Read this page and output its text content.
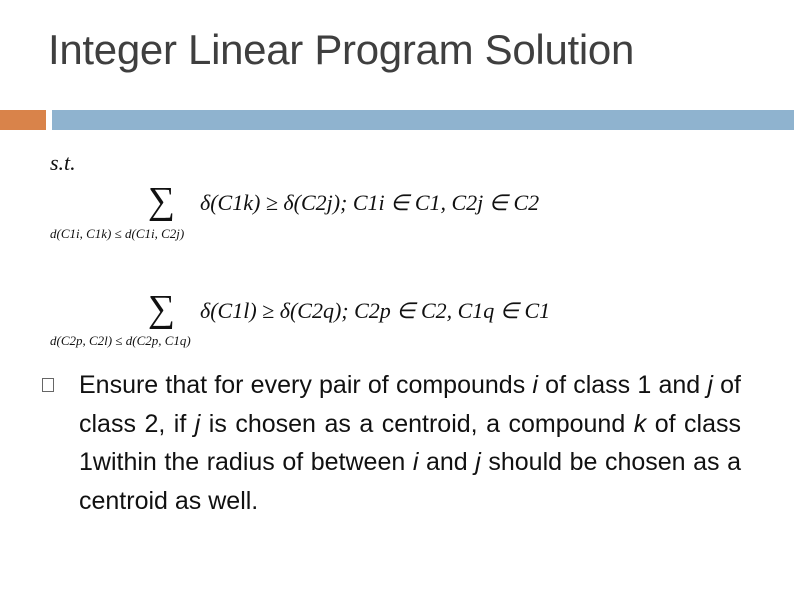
Integer Linear Program Solution
s.t.
∑ δ(C1k) ≥ δ(C2j); C1i ∈ C1, C2j ∈ C2
d(C1i, C1k) ≤ d(C1i, C2j)
∑ δ(C1l) ≥ δ(C2q); C2p ∈ C2, C1q ∈ C1
d(C2p, C2l) ≤ d(C2p, C1q)
Ensure that for every pair of compounds i of class 1 and j of class 2, if j is chosen as a centroid, a compound k of class 1within the radius of between i and j should be chosen as a centroid as well.
